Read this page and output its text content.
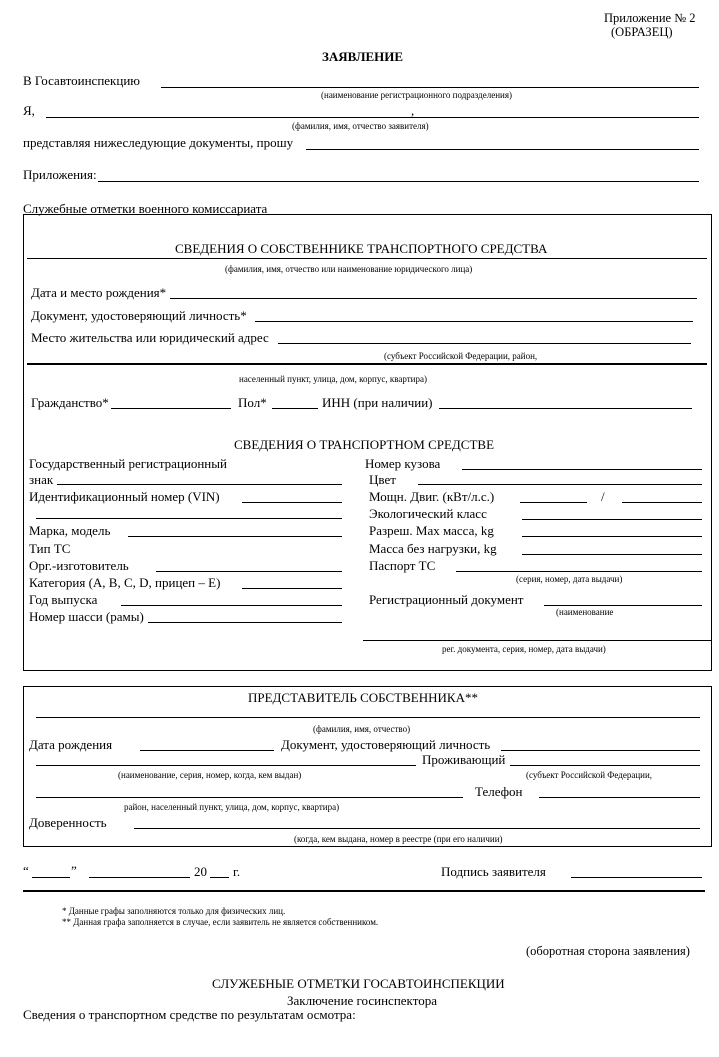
Приложение № 2
(ОБРАЗЕЦ)
ЗАЯВЛЕНИЕ
В Госавтоинспекцию
(наименование регистрационного подразделения)
Я,	,
(фамилия, имя, отчество заявителя)
представляя нижеследующие документы, прошу
Приложения:
Служебные отметки военного комиссариата
СВЕДЕНИЯ О СОБСТВЕННИКЕ ТРАНСПОРТНОГО СРЕДСТВА
(фамилия, имя, отчество или наименование юридического лица)
Дата и место рождения*
Документ, удостоверяющий личность*
Место жительства или юридический адрес
(субъект Российской Федерации, район,
населенный пункт, улица, дом, корпус, квартира)
Гражданство*	Пол*	ИНН (при наличии)
СВЕДЕНИЯ О ТРАНСПОРТНОМ СРЕДСТВЕ
Государственный регистрационный
знак
Идентификационный номер (VIN)
Марка, модель
Тип ТС
Орг.-изготовитель
Категория (А, В, С, D, прицеп – Е)
Год выпуска
Номер шасси (рамы)
Номер кузова
Цвет
Мощн. Двиг. (кВт/л.с.)	/
Экологический класс
Разреш. Мах масса, kg
Масса без нагрузки, kg
Паспорт ТС
(серия, номер, дата выдачи)
Регистрационный документ
(наименование
рег. документа, серия, номер, дата выдачи)
ПРЕДСТАВИТЕЛЬ СОБСТВЕННИКА**
(фамилия, имя, отчество)
Дата рождения	Документ, удостоверяющий личность
Проживающий
(наименование, серия, номер, когда, кем выдан)	(субъект Российской Федерации,
Телефон
район, населенный пункт, улица, дом, корпус, квартира)
Доверенность
(когда, кем выдана, номер в реестре (при его наличии)
“	”	20 г.	Подпись заявителя
* Данные графы заполняются только для физических лиц.
** Данная графа заполняется в случае, если заявитель не является собственником.
(оборотная сторона заявления)
СЛУЖЕБНЫЕ ОТМЕТКИ ГОСАВТОИНСПЕКЦИИ
Заключение госинспектора
Сведения о транспортном средстве по результатам осмотра:
